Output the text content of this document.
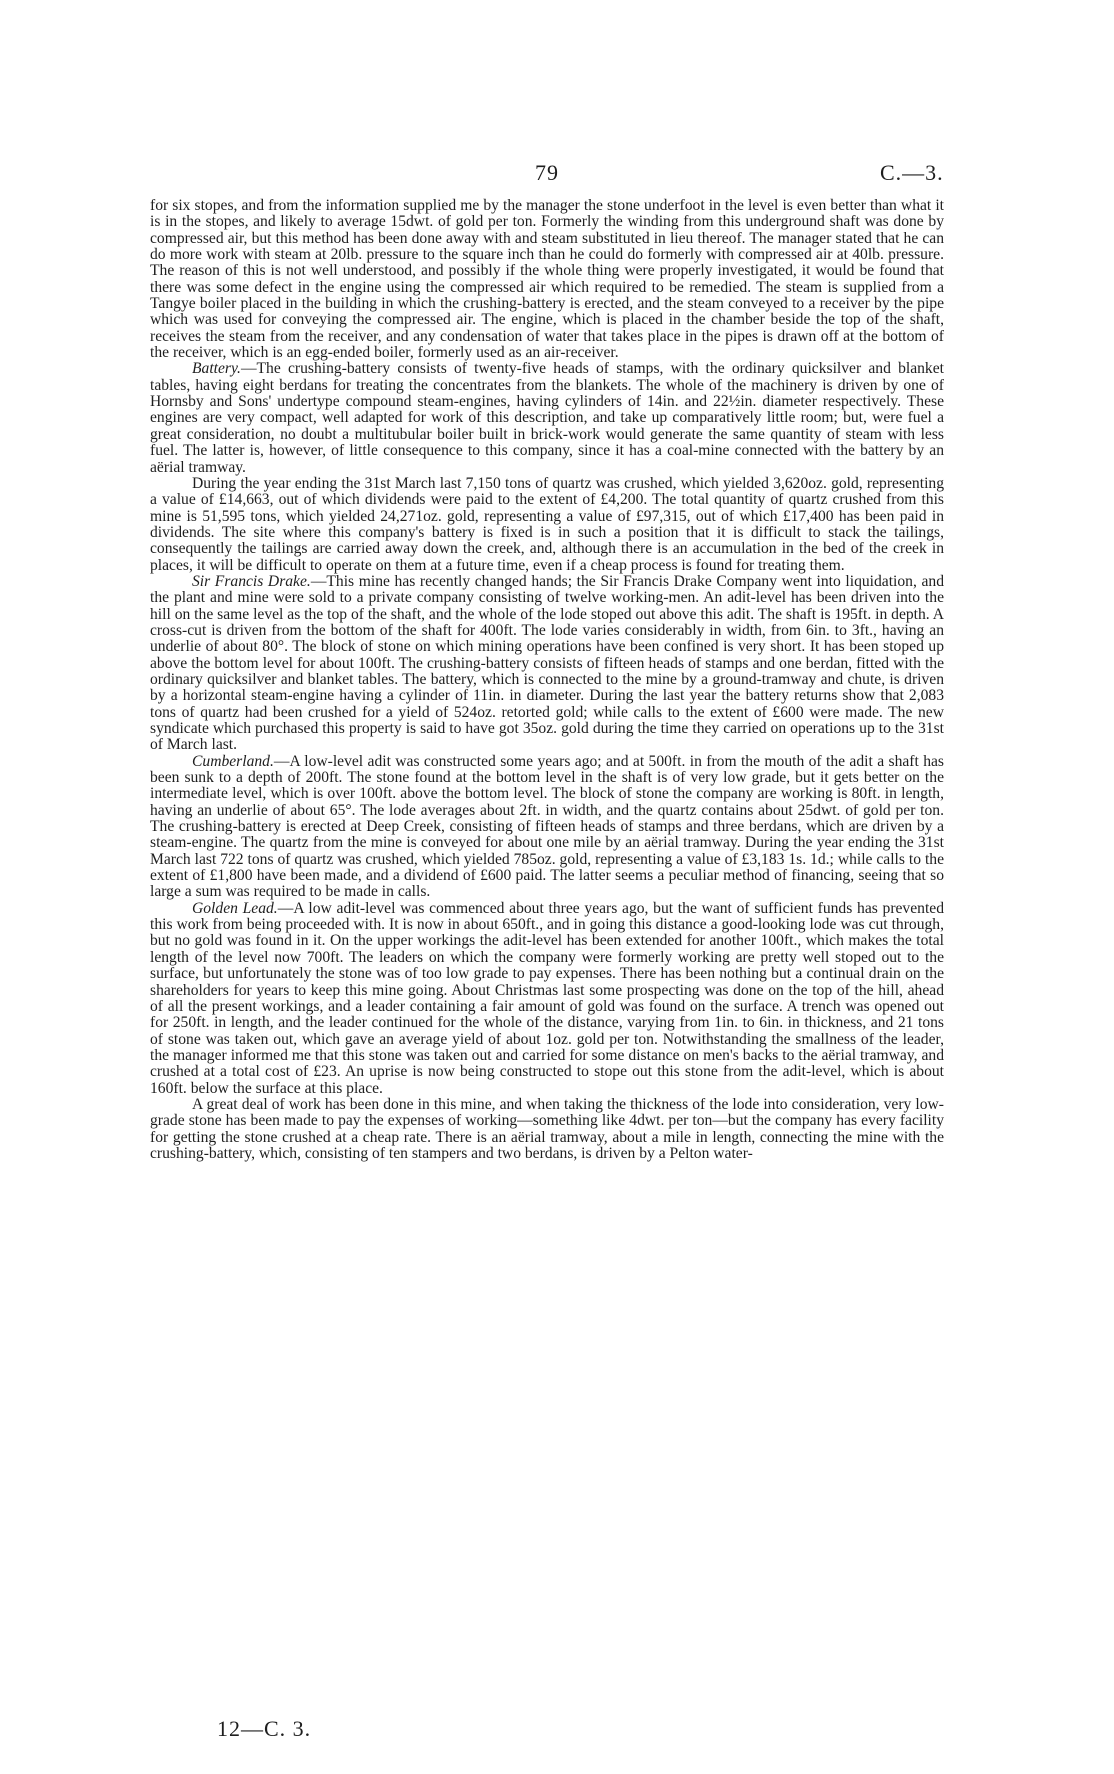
79	C.—3.

for six stopes, and from the information supplied me by the manager the stone underfoot in the level is even better than what it is in the stopes, and likely to average 15dwt. of gold per ton. Formerly the winding from this underground shaft was done by compressed air, but this method has been done away with and steam substituted in lieu thereof. The manager stated that he can do more work with steam at 20lb. pressure to the square inch than he could do formerly with compressed air at 40lb. pressure. The reason of this is not well understood, and possibly if the whole thing were properly investigated, it would be found that there was some defect in the engine using the compressed air which required to be remedied. The steam is supplied from a Tangye boiler placed in the building in which the crushing-battery is erected, and the steam conveyed to a receiver by the pipe which was used for conveying the compressed air. The engine, which is placed in the chamber beside the top of the shaft, receives the steam from the receiver, and any condensation of water that takes place in the pipes is drawn off at the bottom of the receiver, which is an egg-ended boiler, formerly used as an air-receiver.

Battery.—The crushing-battery consists of twenty-five heads of stamps, with the ordinary quicksilver and blanket tables, having eight berdans for treating the concentrates from the blankets. The whole of the machinery is driven by one of Hornsby and Sons' undertype compound steam-engines, having cylinders of 14in. and 22½in. diameter respectively. These engines are very compact, well adapted for work of this description, and take up comparatively little room; but, were fuel a great consideration, no doubt a multitubular boiler built in brick-work would generate the same quantity of steam with less fuel. The latter is, however, of little consequence to this company, since it has a coal-mine connected with the battery by an aërial tramway.

During the year ending the 31st March last 7,150 tons of quartz was crushed, which yielded 3,620oz. gold, representing a value of £14,663, out of which dividends were paid to the extent of £4,200. The total quantity of quartz crushed from this mine is 51,595 tons, which yielded 24,271oz. gold, representing a value of £97,315, out of which £17,400 has been paid in dividends. The site where this company's battery is fixed is in such a position that it is difficult to stack the tailings, consequently the tailings are carried away down the creek, and, although there is an accumulation in the bed of the creek in places, it will be difficult to operate on them at a future time, even if a cheap process is found for treating them.

Sir Francis Drake.—This mine has recently changed hands; the Sir Francis Drake Company went into liquidation, and the plant and mine were sold to a private company consisting of twelve working-men. An adit-level has been driven into the hill on the same level as the top of the shaft, and the whole of the lode stoped out above this adit. The shaft is 195ft. in depth. A cross-cut is driven from the bottom of the shaft for 400ft. The lode varies considerably in width, from 6in. to 3ft., having an underlie of about 80°. The block of stone on which mining operations have been confined is very short. It has been stoped up above the bottom level for about 100ft. The crushing-battery consists of fifteen heads of stamps and one berdan, fitted with the ordinary quicksilver and blanket tables. The battery, which is connected to the mine by a ground-tramway and chute, is driven by a horizontal steam-engine having a cylinder of 11in. in diameter. During the last year the battery returns show that 2,083 tons of quartz had been crushed for a yield of 524oz. retorted gold; while calls to the extent of £600 were made. The new syndicate which purchased this property is said to have got 35oz. gold during the time they carried on operations up to the 31st of March last.

Cumberland.—A low-level adit was constructed some years ago; and at 500ft. in from the mouth of the adit a shaft has been sunk to a depth of 200ft. The stone found at the bottom level in the shaft is of very low grade, but it gets better on the intermediate level, which is over 100ft. above the bottom level. The block of stone the company are working is 80ft. in length, having an underlie of about 65°. The lode averages about 2ft. in width, and the quartz contains about 25dwt. of gold per ton. The crushing-battery is erected at Deep Creek, consisting of fifteen heads of stamps and three berdans, which are driven by a steam-engine. The quartz from the mine is conveyed for about one mile by an aërial tramway. During the year ending the 31st March last 722 tons of quartz was crushed, which yielded 785oz. gold, representing a value of £3,183 1s. 1d.; while calls to the extent of £1,800 have been made, and a dividend of £600 paid. The latter seems a peculiar method of financing, seeing that so large a sum was required to be made in calls.

Golden Lead.—A low adit-level was commenced about three years ago, but the want of sufficient funds has prevented this work from being proceeded with. It is now in about 650ft., and in going this distance a good-looking lode was cut through, but no gold was found in it. On the upper workings the adit-level has been extended for another 100ft., which makes the total length of the level now 700ft. The leaders on which the company were formerly working are pretty well stoped out to the surface, but unfortunately the stone was of too low grade to pay expenses. There has been nothing but a continual drain on the shareholders for years to keep this mine going. About Christmas last some prospecting was done on the top of the hill, ahead of all the present workings, and a leader containing a fair amount of gold was found on the surface. A trench was opened out for 250ft. in length, and the leader continued for the whole of the distance, varying from 1in. to 6in. in thickness, and 21 tons of stone was taken out, which gave an average yield of about 1oz. gold per ton. Notwithstanding the smallness of the leader, the manager informed me that this stone was taken out and carried for some distance on men's backs to the aërial tramway, and crushed at a total cost of £23. An uprise is now being constructed to stope out this stone from the adit-level, which is about 160ft. below the surface at this place.

A great deal of work has been done in this mine, and when taking the thickness of the lode into consideration, very low-grade stone has been made to pay the expenses of working—something like 4dwt. per ton—but the company has every facility for getting the stone crushed at a cheap rate. There is an aërial tramway, about a mile in length, connecting the mine with the crushing-battery, which, consisting of ten stampers and two berdans, is driven by a Pelton water-

12—C. 3.
